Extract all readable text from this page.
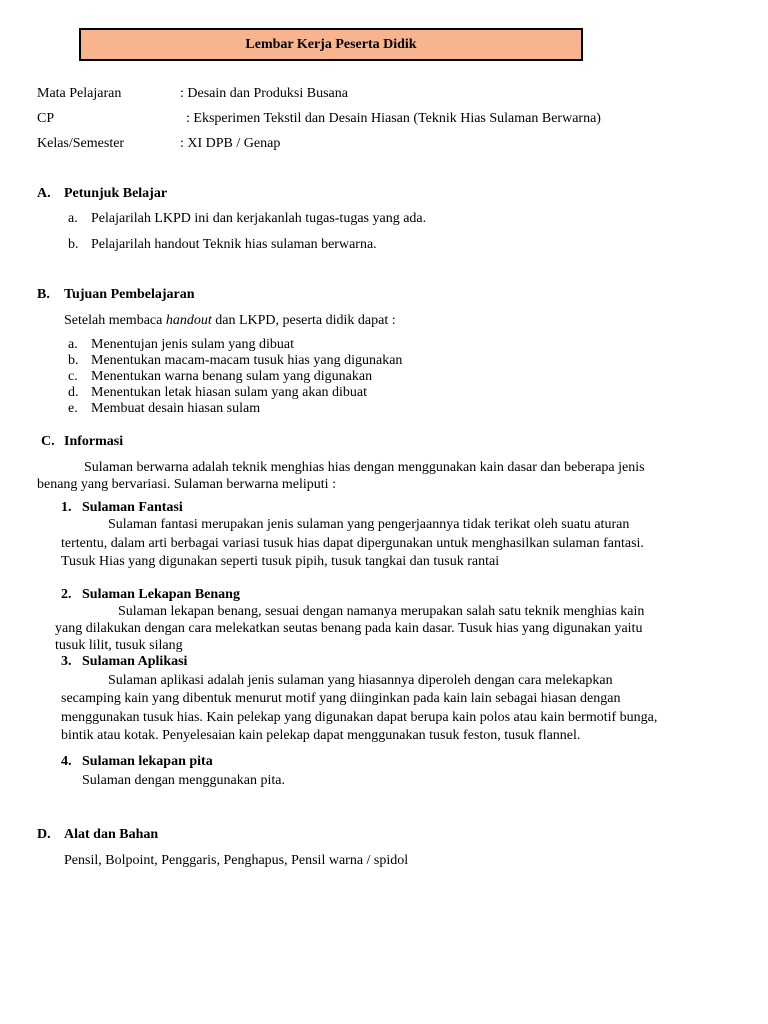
Lembar Kerja Peserta Didik
Mata Pelajaran	: Desain dan Produksi Busana
CP	: Eksperimen Tekstil dan Desain Hiasan (Teknik Hias Sulaman Berwarna)
Kelas/Semester	: XI DPB / Genap
A. Petunjuk Belajar
a. Pelajarilah LKPD ini dan kerjakanlah tugas-tugas yang ada.
b. Pelajarilah handout Teknik hias sulaman berwarna.
B. Tujuan Pembelajaran
Setelah membaca handout dan LKPD, peserta didik dapat :
a. Menentujan jenis sulam yang dibuat
b. Menentukan macam-macam tusuk hias yang digunakan
c. Menentukan warna benang sulam yang digunakan
d. Menentukan letak hiasan sulam yang akan dibuat
e. Membuat desain hiasan sulam
C. Informasi
Sulaman berwarna adalah teknik menghias hias dengan menggunakan kain dasar dan beberapa jenis
benang yang bervariasi. Sulaman berwarna meliputi :
1. Sulaman Fantasi
Sulaman fantasi merupakan jenis sulaman yang pengerjaannya tidak terikat oleh suatu aturan
tertentu, dalam arti berbagai variasi tusuk hias dapat dipergunakan untuk menghasilkan sulaman fantasi.
Tusuk Hias yang digunakan seperti tusuk pipih, tusuk tangkai dan tusuk rantai
2. Sulaman Lekapan Benang
Sulaman lekapan benang, sesuai dengan namanya merupakan salah satu teknik menghias kain
yang dilakukan dengan cara melekatkan seutas benang pada kain dasar. Tusuk hias yang digunakan yaitu
tusuk lilit, tusuk silang
3. Sulaman Aplikasi
Sulaman aplikasi adalah jenis sulaman yang hiasannya diperoleh dengan cara melekapkan
secamping kain yang dibentuk menurut motif yang diinginkan pada kain lain sebagai hiasan dengan
menggunakan tusuk hias. Kain pelekap yang digunakan dapat berupa kain polos atau kain bermotif bunga,
bintik atau kotak. Penyelesaian kain pelekap dapat menggunakan tusuk feston, tusuk flannel.
4. Sulaman lekapan pita
Sulaman dengan menggunakan pita.
D. Alat dan Bahan
Pensil, Bolpoint, Penggaris, Penghapus, Pensil warna / spidol
